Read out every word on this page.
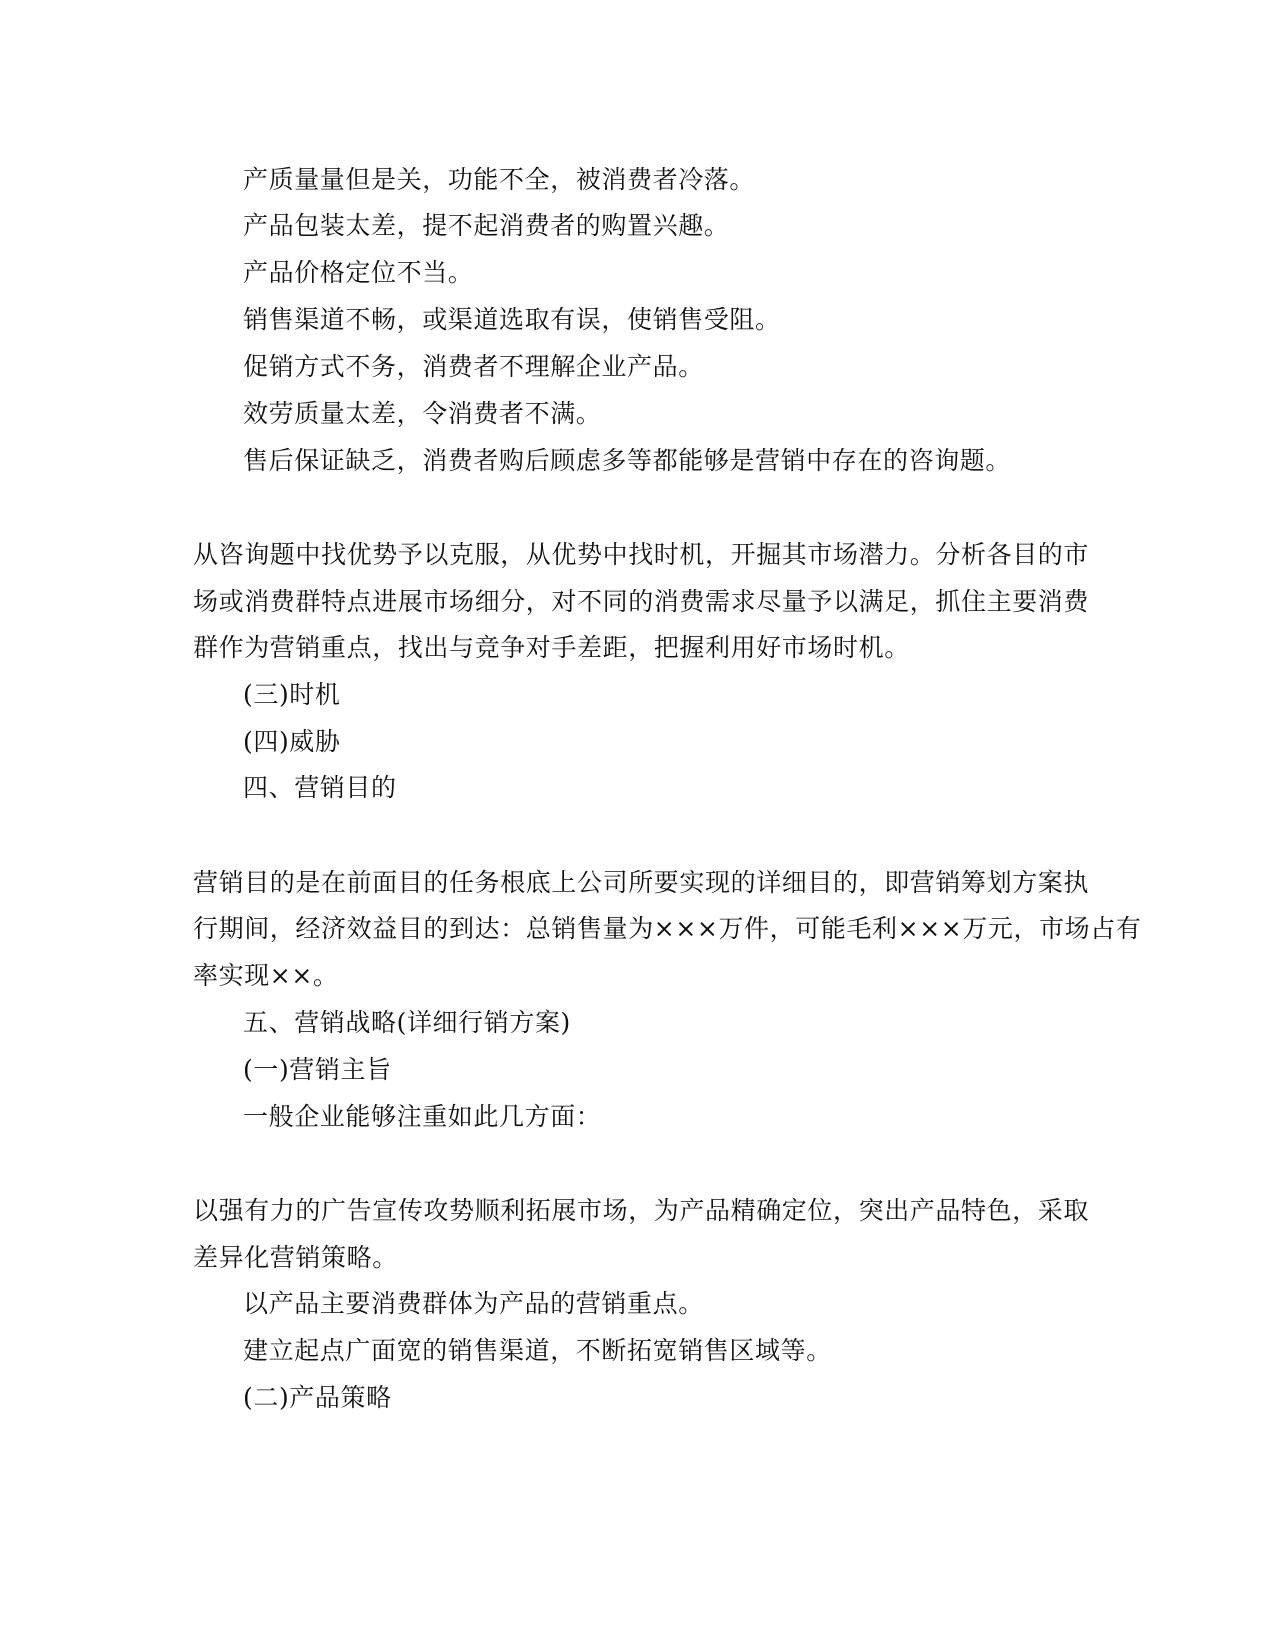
产质量量但是关，功能不全，被消费者冷落。
产品包装太差，提不起消费者的购置兴趣。
产品价格定位不当。
销售渠道不畅，或渠道选取有误，使销售受阻。
促销方式不务，消费者不理解企业产品。
效劳质量太差，令消费者不满。
售后保证缺乏，消费者购后顾虑多等都能够是营销中存在的咨询题。
从咨询题中找优势予以克服，从优势中找时机，开掘其市场潜力。分析各目的市
场或消费群特点进展市场细分，对不同的消费需求尽量予以满足，抓住主要消费
群作为营销重点，找出与竞争对手差距，把握利用好市场时机。
(三)时机
(四)威胁
四、营销目的
营销目的是在前面目的任务根底上公司所要实现的详细目的，即营销筹划方案执
行期间，经济效益目的到达：总销售量为×××万件，可能毛利×××万元，市场占有
率实现××。
五、营销战略(详细行销方案)
(一)营销主旨
一般企业能够注重如此几方面：
以强有力的广告宣传攻势顺利拓展市场，为产品精确定位，突出产品特色，采取
差异化营销策略。
以产品主要消费群体为产品的营销重点。
建立起点广面宽的销售渠道，不断拓宽销售区域等。
(二)产品策略
